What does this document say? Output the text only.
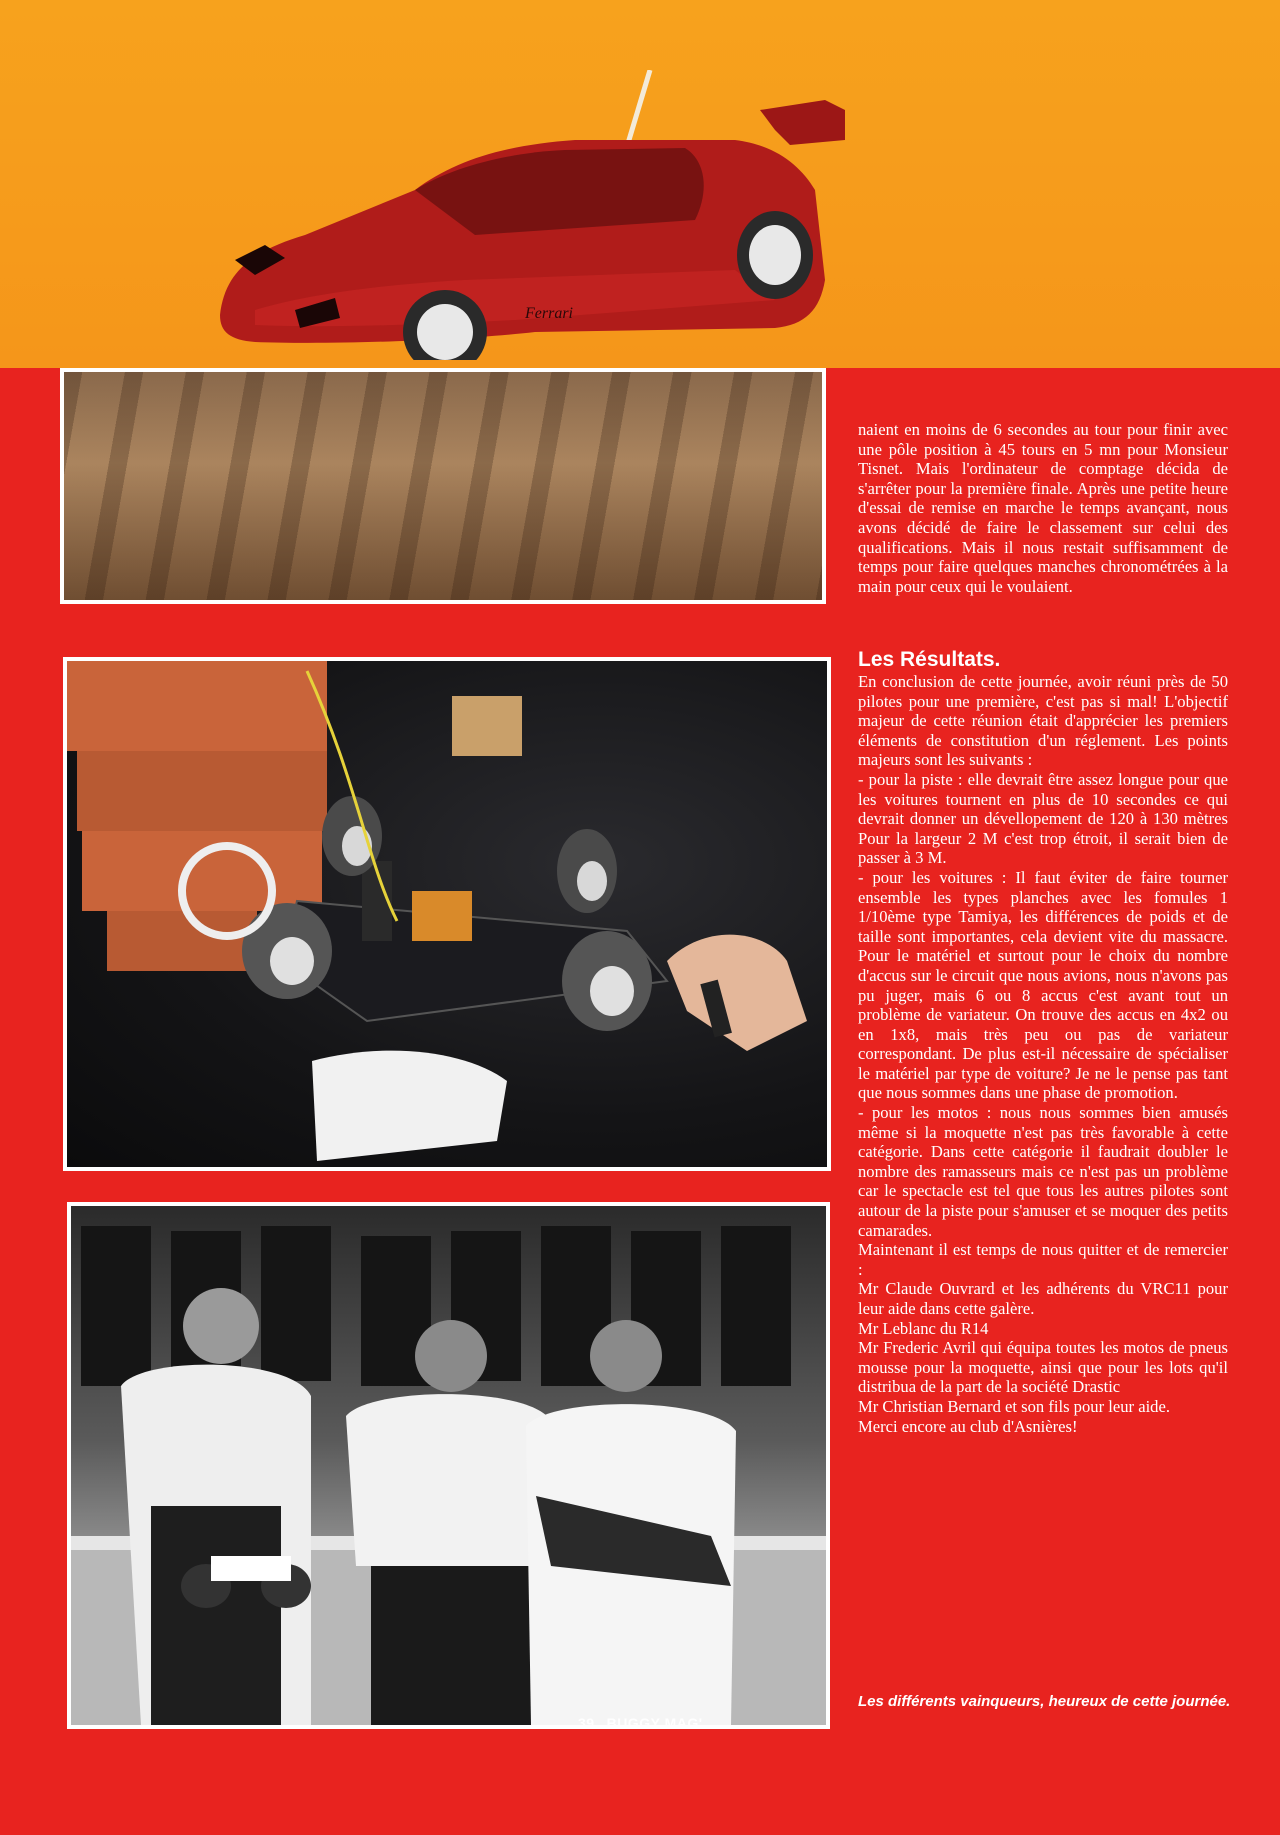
Ferrari

naient en moins de 6 secondes au tour pour finir avec une pôle position à 45 tours en 5 mn pour Monsieur Tisnet. Mais l'ordinateur de comptage décida de s'arrêter pour la première finale. Après une petite heure d'essai de remise en marche le temps avançant, nous avons décidé de faire le classement sur celui des qualifications. Mais il nous restait suffisamment de temps pour faire quelques manches chronométrées à la main pour ceux qui le voulaient.

Les Résultats.

En conclusion de cette journée, avoir réuni près de 50 pilotes pour une première, c'est pas si mal! L'objectif majeur de cette réunion était d'apprécier les premiers éléments de constitution d'un réglement. Les points majeurs sont les suivants :

- pour la piste : elle devrait être assez longue pour que les voitures tournent en plus de 10 secondes ce qui devrait donner un dévellopement de 120 à 130 mètres Pour la largeur 2 M c'est trop étroit, il serait bien de passer à 3 M.

- pour les voitures : Il faut éviter de faire tourner ensemble les types planches avec les fomules 1 1/10ème type Tamiya, les différences de poids et de taille sont importantes, cela devient vite du massacre. Pour le matériel et surtout pour le choix du nombre d'accus sur le circuit que nous avions, nous n'avons pas pu juger, mais 6 ou 8 accus c'est avant tout un problème de variateur. On trouve des accus en 4x2 ou en 1x8, mais très peu ou pas de variateur correspondant. De plus est-il nécessaire de spécialiser le matériel par type de voiture? Je ne le pense pas tant que nous sommes dans une phase de promotion.

- pour les motos : nous nous sommes bien amusés même si la moquette n'est pas très favorable à cette catégorie. Dans cette catégorie il faudrait doubler le nombre des ramasseurs mais ce n'est pas un problème car le spectacle est tel que tous les autres pilotes sont autour de la piste pour s'amuser et se moquer des petits camarades.

Maintenant il est temps de nous quitter et de remercier :

Mr Claude Ouvrard et les adhérents du VRC11 pour leur aide dans cette galère.

Mr Leblanc du R14

Mr Frederic Avril qui équipa toutes les motos de pneus mousse pour la moquette, ainsi que pour les lots qu'il distribua de la part de la société Drastic

Mr Christian Bernard et son fils pour leur aide.

Merci encore au club d'Asnières!

Les différents vainqueurs, heureux de cette journée.
39 BUGGY MAG'
